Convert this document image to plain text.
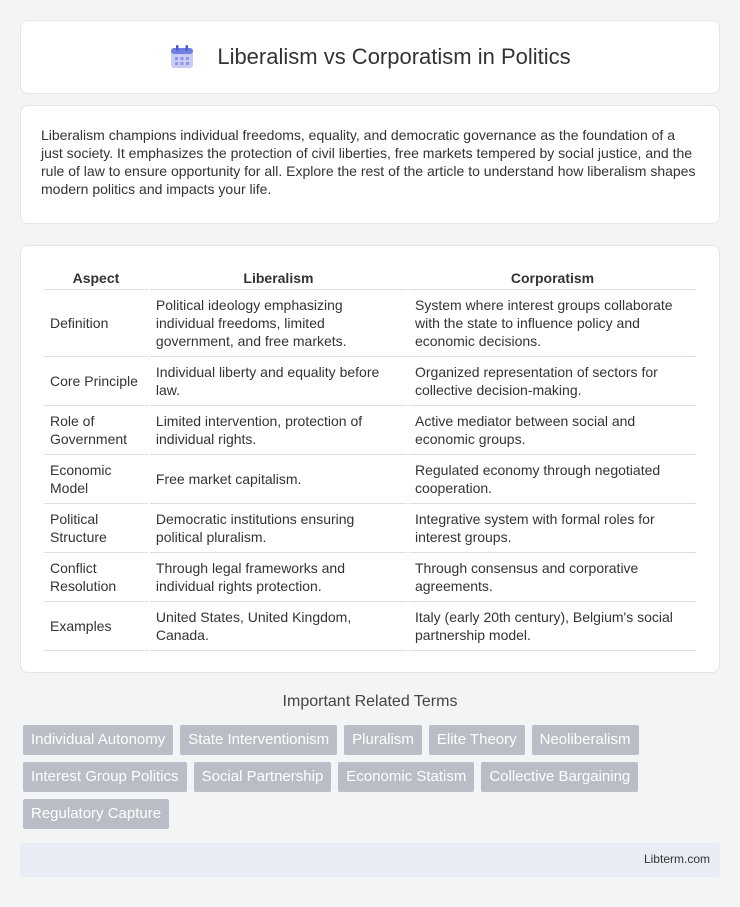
Liberalism vs Corporatism in Politics

Liberalism champions individual freedoms, equality, and democratic governance as the foundation of a just society. It emphasizes the protection of civil liberties, free markets tempered by social justice, and the rule of law to ensure opportunity for all. Explore the rest of the article to understand how liberalism shapes modern politics and impacts your life.

Aspect	Liberalism	Corporatism
Definition	Political ideology emphasizing individual freedoms, limited government, and free markets.	System where interest groups collaborate with the state to influence policy and economic decisions.
Core Principle	Individual liberty and equality before law.	Organized representation of sectors for collective decision-making.
Role of Government	Limited intervention, protection of individual rights.	Active mediator between social and economic groups.
Economic Model	Free market capitalism.	Regulated economy through negotiated cooperation.
Political Structure	Democratic institutions ensuring political pluralism.	Integrative system with formal roles for interest groups.
Conflict Resolution	Through legal frameworks and individual rights protection.	Through consensus and corporative agreements.
Examples	United States, United Kingdom, Canada.	Italy (early 20th century), Belgium's social partnership model.
Important Related Terms
Individual Autonomy	State Interventionism	Pluralism	Elite Theory	Neoliberalism
Interest Group Politics	Social Partnership	Economic Statism	Collective Bargaining
Regulatory Capture
Libterm.com
